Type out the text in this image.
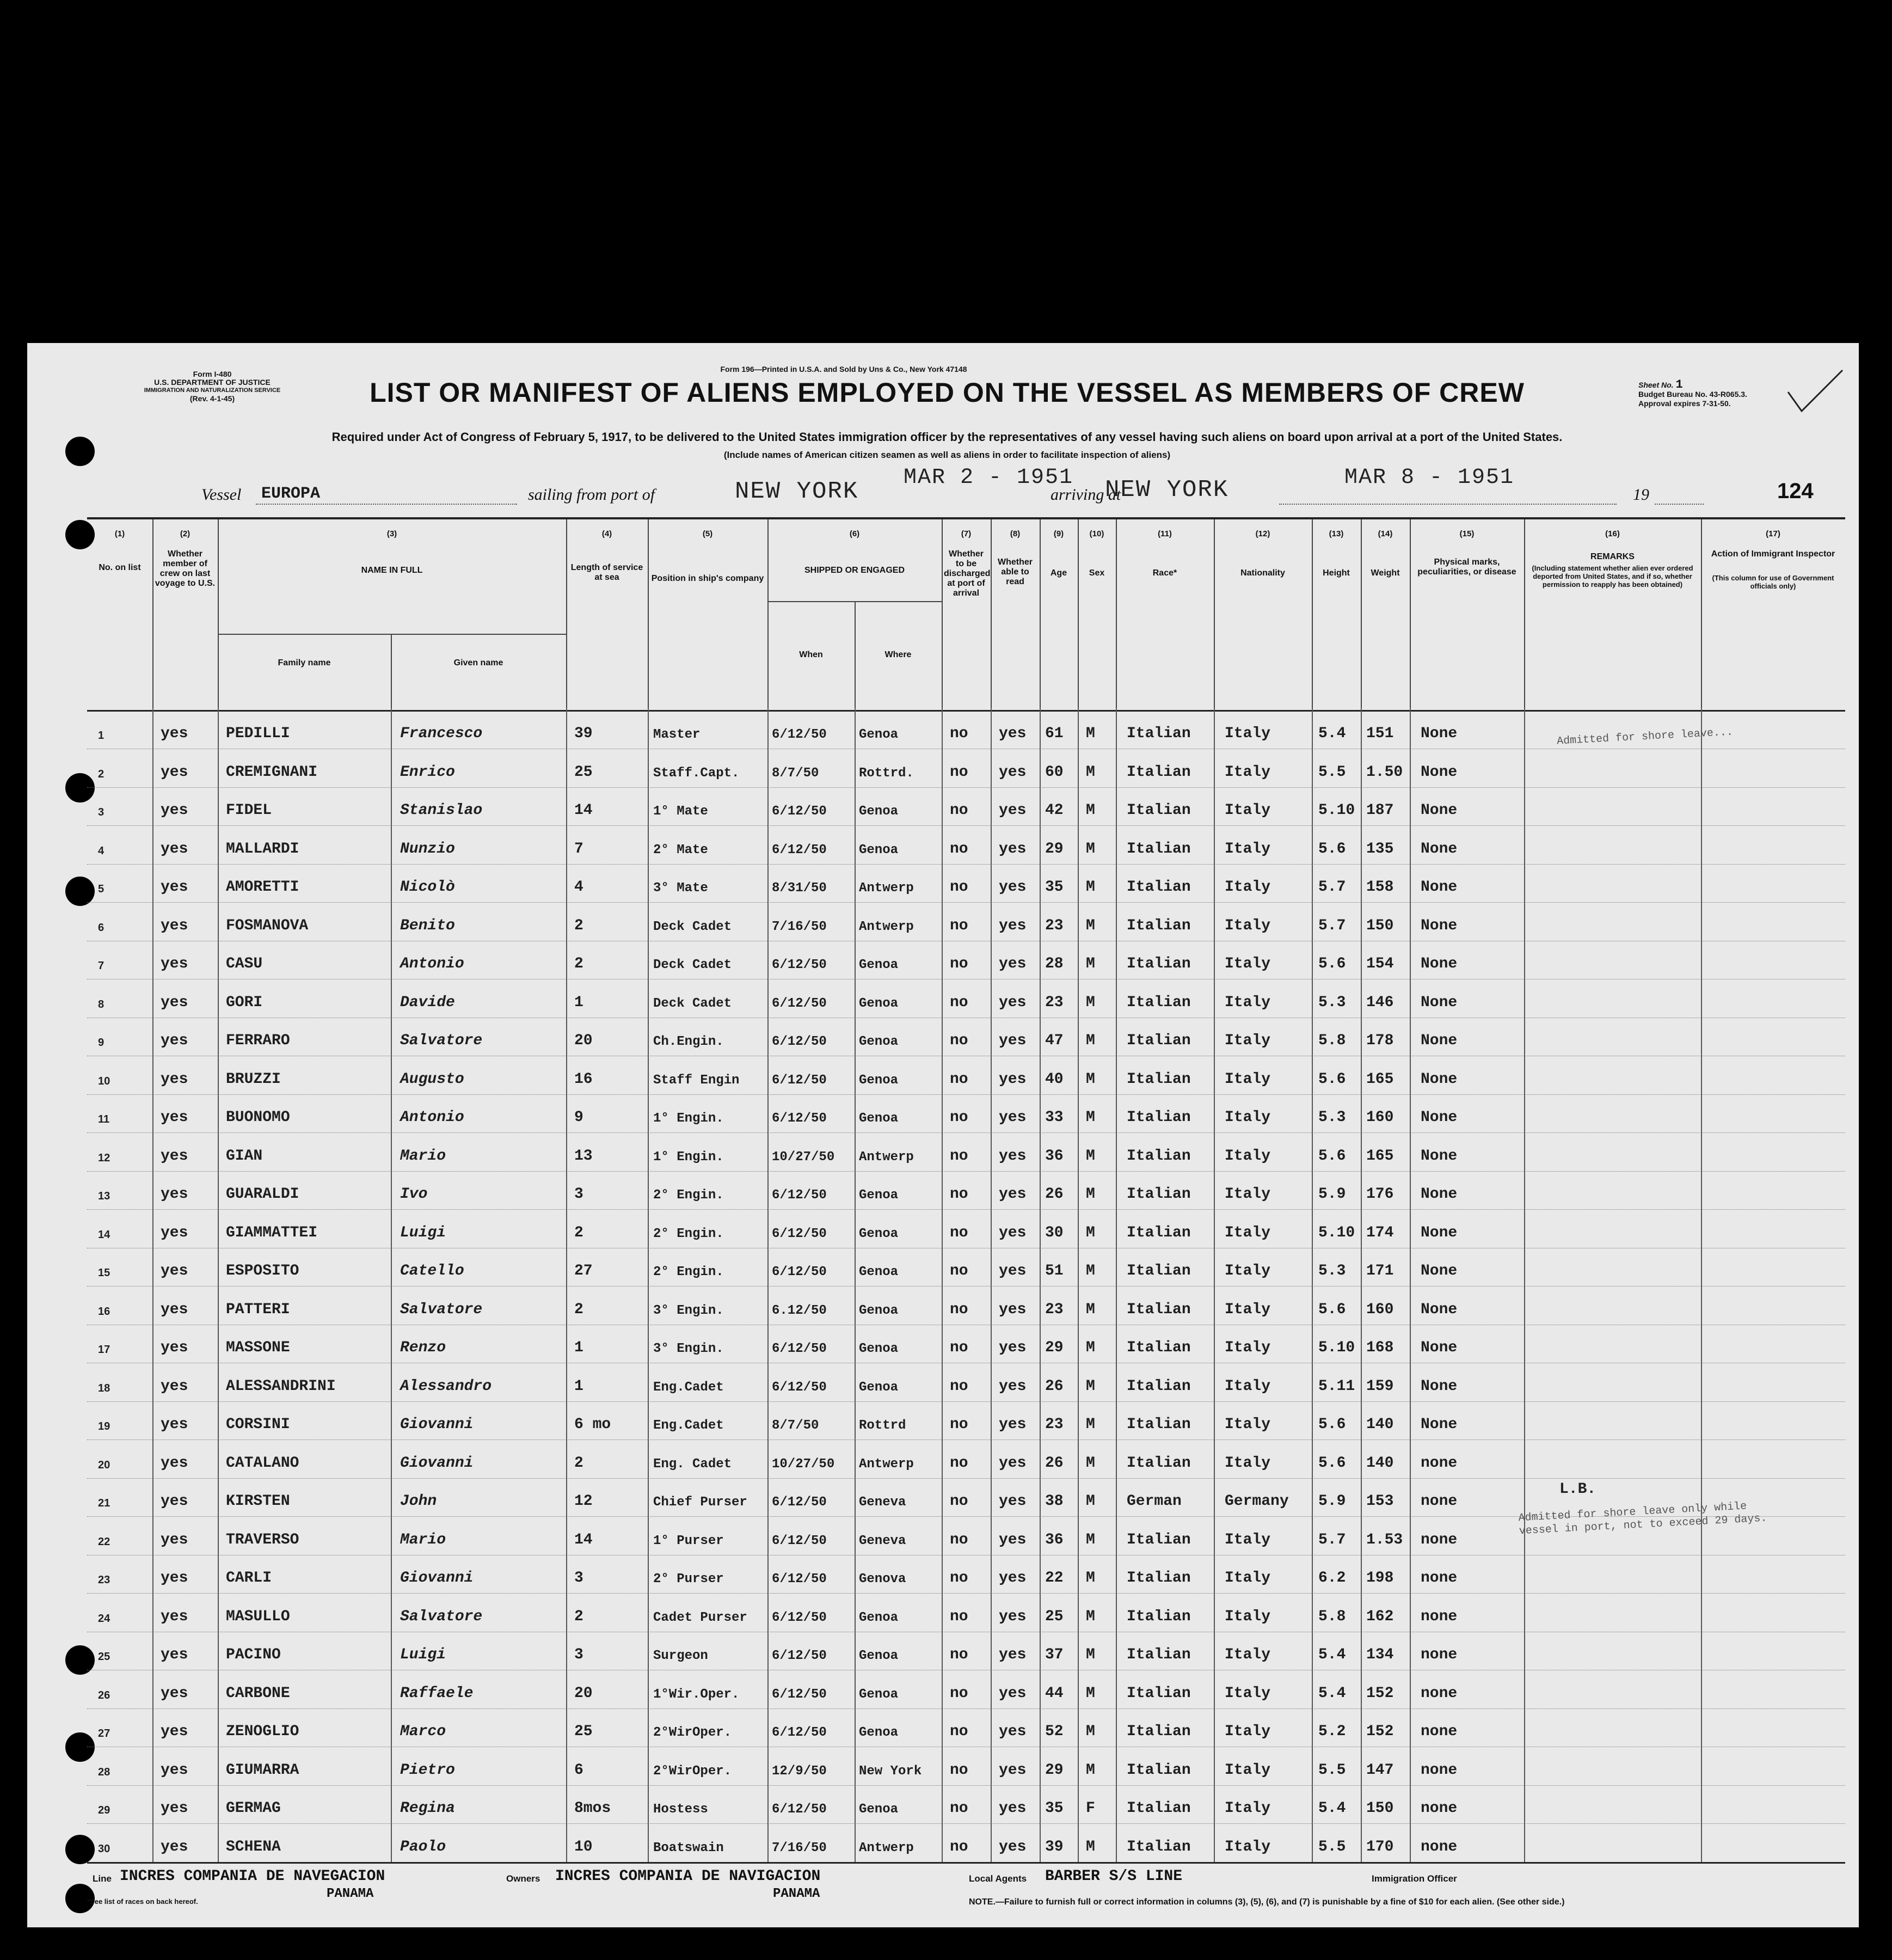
Form I-480
U.S. DEPARTMENT OF JUSTICE
IMMIGRATION AND NATURALIZATION SERVICE
(Rev. 4-1-45)
Form 196—Printed in U.S.A. and Sold by Uns & Co., New York 47148
LIST OR MANIFEST OF ALIENS EMPLOYED ON THE VESSEL AS MEMBERS OF CREW	Sheet No. 1
Budget Bureau No. 43-R065.3.
Approval expires 7-31-50.
Required under Act of Congress of February 5, 1917, to be delivered to the United States immigration officer by the representatives of any vessel having such aliens on board upon arrival at a port of the United States.
(Include names of American citizen seamen as well as aliens in order to facilitate inspection of aliens)
Vessel EUROPA	sailing from port of	NEW YORK
MAR 2 - 1951
arriving at
NEW YORK	MAR 8 - 1951
19	124
(1)
No. on list
(2)
Whether member of crew on last voyage to U.S.
(3)
NAME IN FULL
Family name	Given name
(4)
Length of service at sea
(5)
Position in ship's company
(6)
SHIPPED OR ENGAGED
When	Where
(7)
Whether to be discharged at port of arrival
(8)
Whether able to read
(9)
Age
(10)
Sex
(11)
Race*
(12)
Nationality
(13)
Height
(14)
Weight
(15)
Physical marks, peculiarities, or disease
(16)
REMARKS
(Including statement whether alien ever ordered deported from United States, and if so, whether permission to reapply has been obtained)
(17)
Action of Immigrant Inspector
(This column for use of Government officials only)
1	yes PEDILLI	Francesco	39	Master	6/12/50 Genoa	no yes 61 M Italian Italy	5.4 151 None
2	yes CREMIGNANI	Enrico	25	Staff.Capt. 8/7/50	Rottrd. no yes 60 M Italian Italy	5.5 1.50 None
3	yes FIDEL	Stanislao	14	1° Mate	6/12/50 Genoa	no yes 42 M Italian Italy	5.10 187 None
4	yes MALLARDI	Nunzio	7	2° Mate	6/12/50 Genoa	no yes 29 M Italian Italy	5.6 135 None
5	yes AMORETTI	Nicolò	4	3° Mate	8/31/50 Antwerp no yes 35 M Italian Italy	5.7 158 None
6	yes FOSMANOVA	Benito	2	Deck Cadet	7/16/50 Antwerp no yes 23 M Italian Italy	5.7 150 None
7	yes CASU	Antonio	2	Deck Cadet	6/12/50 Genoa	no yes 28 M Italian Italy	5.6 154 None
8	yes GORI	Davide	1	Deck Cadet	6/12/50 Genoa	no yes 23 M Italian Italy	5.3 146 None
9	yes FERRARO	Salvatore	20	Ch.Engin.	6/12/50 Genoa	no yes 47 M Italian Italy	5.8 178 None
10	yes BRUZZI	Augusto	16	Staff Engin 6/12/50 Genoa	no yes 40 M Italian Italy	5.6 165 None
11	yes BUONOMO	Antonio	9	1° Engin.	6/12/50 Genoa	no yes 33 M Italian Italy	5.3 160 None
12	yes GIAN	Mario	13	1° Engin.	10/27/50 Antwerp no yes 36 M Italian Italy	5.6 165 None
13	yes GUARALDI	Ivo	3	2° Engin.	6/12/50 Genoa	no yes 26 M Italian Italy	5.9 176 None
14	yes GIAMMATTEI	Luigi	2	2° Engin.	6/12/50 Genoa	no yes 30 M Italian Italy	5.10 174 None
15	yes ESPOSITO	Catello	27	2° Engin.	6/12/50 Genoa	no yes 51 M Italian Italy	5.3 171 None
16	yes PATTERI	Salvatore	2	3° Engin.	6.12/50 Genoa	no yes 23 M Italian Italy	5.6 160 None
17	yes MASSONE	Renzo	1	3° Engin.	6/12/50 Genoa	no yes 29 M Italian Italy	5.10 168 None
18	yes ALESSANDRINI	Alessandro	1	Eng.Cadet	6/12/50 Genoa	no yes 26 M Italian Italy	5.11 159 None
19	yes CORSINI	Giovanni	6 mo	Eng.Cadet	8/7/50	Rottrd	no yes 23 M Italian Italy	5.6 140 None
20	yes CATALANO	Giovanni	2	Eng. Cadet	10/27/50 Antwerp no yes 26 M Italian Italy	5.6 140 none
21	yes KIRSTEN	John	12	Chief Purser 6/12/50 Geneva	no yes 38 M German	Germany 5.9 153 none
22	yes TRAVERSO	Mario	14	1° Purser	6/12/50 Geneva	no yes 36 M Italian Italy	5.7 1.53 none
23	yes CARLI	Giovanni	3	2° Purser	6/12/50 Genova	no yes 22 M Italian Italy	6.2 198 none
24	yes MASULLO	Salvatore	2	Cadet Purser 6/12/50 Genoa	no yes 25 M Italian Italy	5.8 162 none
25	yes PACINO	Luigi	3	Surgeon	6/12/50 Genoa	no yes 37 M Italian Italy	5.4 134 none
26	yes CARBONE	Raffaele	20	1°Wir.Oper. 6/12/50 Genoa	no yes 44 M Italian Italy	5.4 152 none
27	yes ZENOGLIO	Marco	25	2°WirOper.	6/12/50 Genoa	no yes 52 M Italian Italy	5.2 152 none
28	yes GIUMARRA	Pietro	6	2°WirOper.	12/9/50 New York no yes 29 M Italian Italy	5.5 147 none
29	yes GERMAG	Regina	8mos	Hostess	6/12/50 Genoa	no yes 35 F Italian Italy	5.4 150 none
30	yes SCHENA	Paolo	10	Boatswain	7/16/50 Antwerp no yes 39 M Italian Italy	5.5 170 none
Admitted for shore leave...
L.B.
Admitted for shore leave only while vessel in port, not to exceed 29 days.
Line INCRES COMPANIA DE NAVEGACION
PANAMA
Owners INCRES COMPANIA DE NAVIGACION
PANAMA
Local Agents BARBER S/S LINE	Immigration Officer
*See list of races on back hereof.	NOTE.—Failure to furnish full or correct information in columns (3), (5), (6), and (7) is punishable by a fine of $10 for each alien. (See other side.)
